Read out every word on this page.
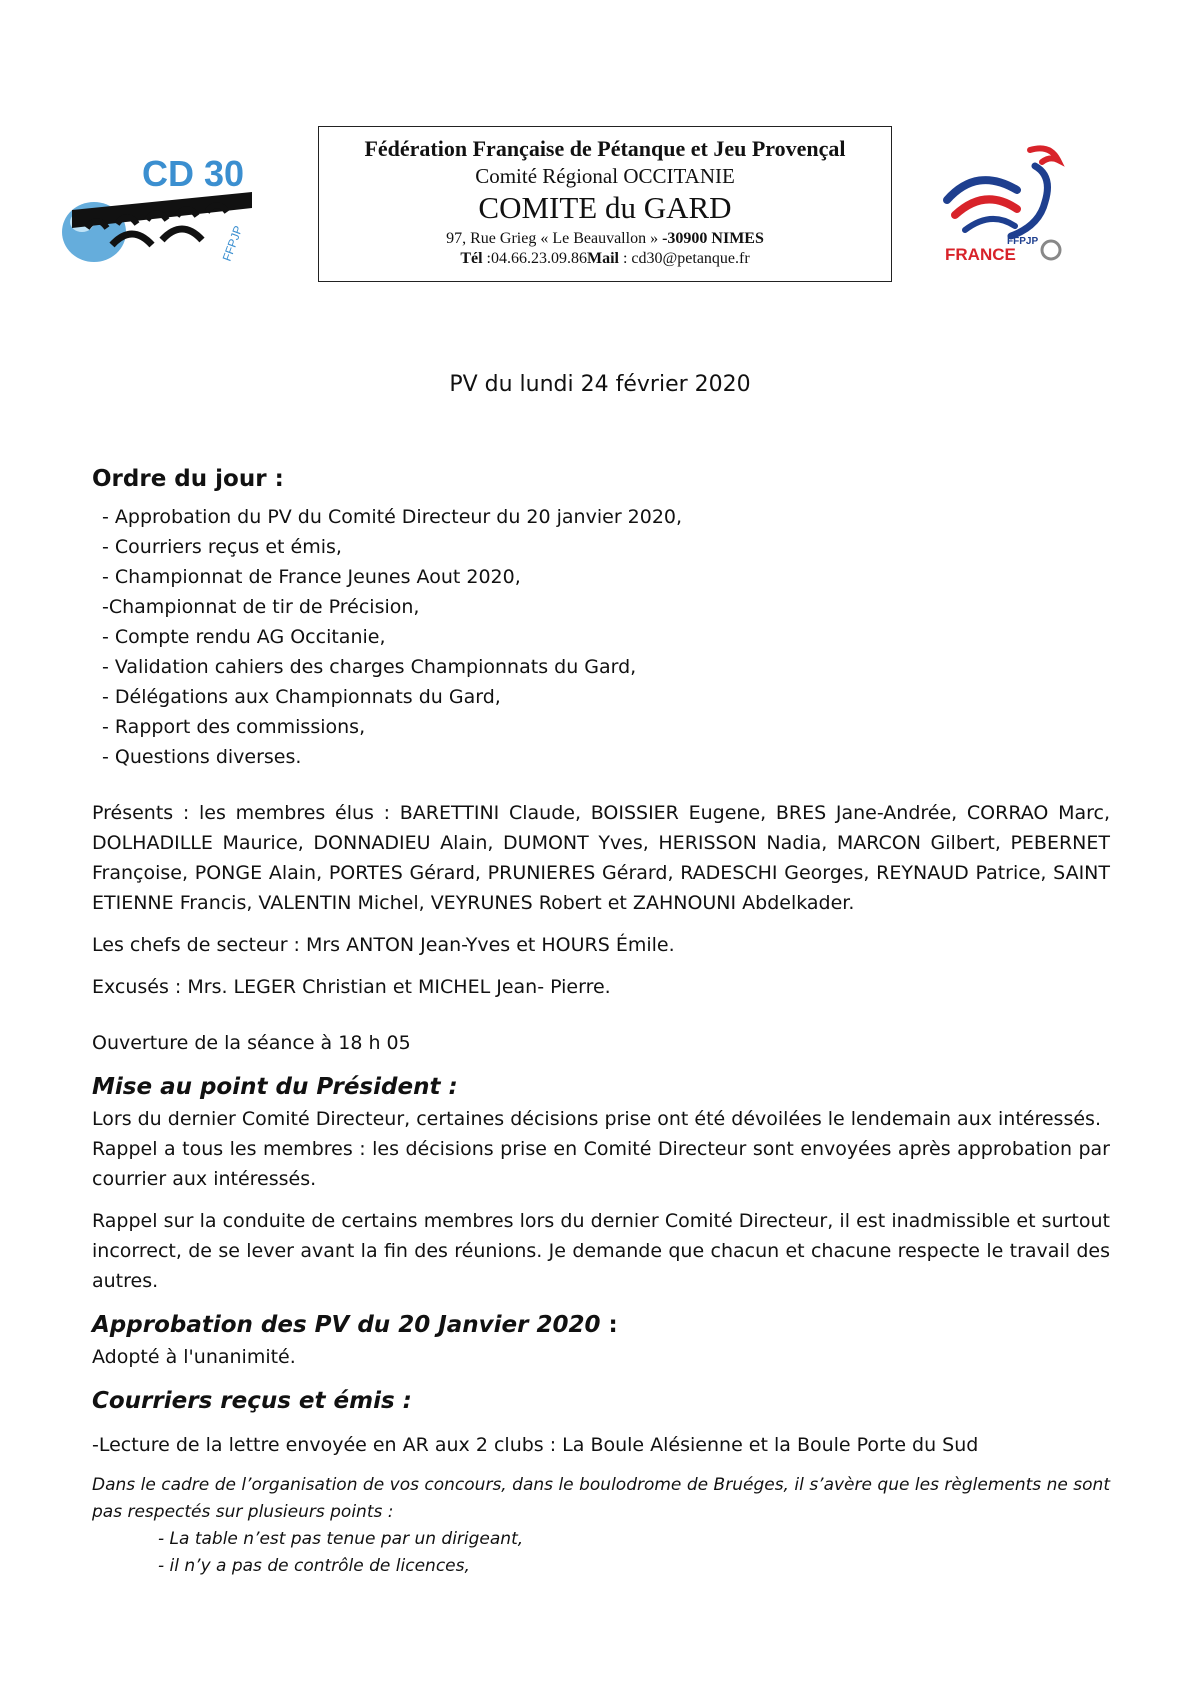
CD 30
FFPJP
Fédération Française de Pétanque et Jeu Provençal
Comité Régional OCCITANIE
COMITE du GARD
97, Rue Grieg « Le Beauvallon » -30900 NIMES
Tél :04.66.23.09.86Mail : cd30@petanque.fr
FFPJP
FRANCE
PV du lundi 24 février 2020
Ordre du jour :
- Approbation du PV du Comité Directeur du 20 janvier 2020,
- Courriers reçus et émis,
- Championnat de France Jeunes Aout 2020,
-Championnat de tir de Précision,
- Compte rendu AG Occitanie,
- Validation cahiers des charges Championnats du Gard,
- Délégations aux Championnats du Gard,
- Rapport des commissions,
- Questions diverses.

Présents : les membres élus : BARETTINI Claude, BOISSIER Eugene, BRES Jane-Andrée, CORRAO Marc, DOLHADILLE Maurice, DONNADIEU Alain, DUMONT Yves, HERISSON Nadia, MARCON Gilbert, PEBERNET Françoise, PONGE Alain, PORTES Gérard, PRUNIERES Gérard, RADESCHI Georges, REYNAUD Patrice, SAINT ETIENNE Francis, VALENTIN Michel, VEYRUNES Robert et ZAHNOUNI Abdelkader.

Les chefs de secteur : Mrs ANTON Jean-Yves et HOURS Émile.

Excusés : Mrs. LEGER Christian et MICHEL Jean- Pierre.

Ouverture de la séance à 18 h 05

Mise au point du Président :

Lors du dernier Comité Directeur, certaines décisions prise ont été dévoilées le lendemain aux intéressés.

Rappel a tous les membres : les décisions prise en Comité Directeur sont envoyées après approbation par courrier aux intéressés.

Rappel sur la conduite de certains membres lors du dernier Comité Directeur, il est inadmissible et surtout incorrect, de se lever avant la fin des réunions. Je demande que chacun et chacune respecte le travail des autres.

Approbation des PV du 20 Janvier 2020 :

Adopté à l'unanimité.

Courriers reçus et émis :

-Lecture de la lettre envoyée en AR aux 2 clubs : La Boule Alésienne et la Boule Porte du Sud

Dans le cadre de l’organisation de vos concours, dans le boulodrome de Bruéges, il s’avère que les règlements ne sont pas respectés sur plusieurs points :

- La table n’est pas tenue par un dirigeant,
- il n’y a pas de contrôle de licences,
